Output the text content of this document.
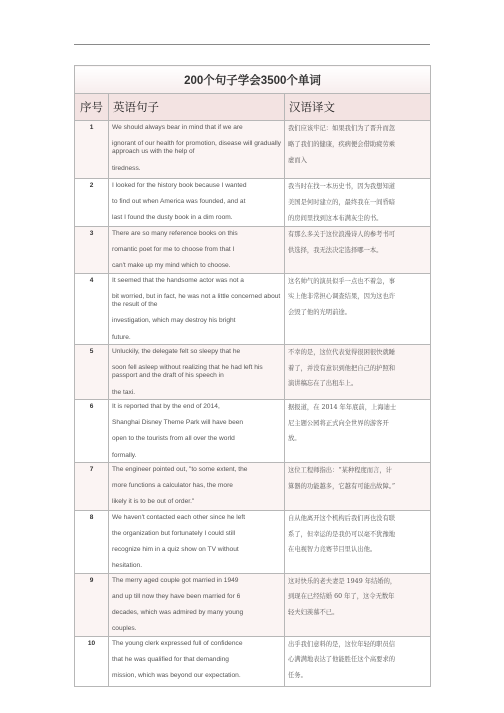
200个句子学会3500个单词		
序号	英语句子	汉语译文
1	We should always bear in mind that if we are
ignorant of our health for promotion, disease will gradually approach us with the help of
tiredness.	我们应该牢记：如果我们为了晋升而忽
略了我们的健康，疾病便会借助疲劳乘
虚而入

2	I looked for the history book because I wanted
to find out when America was founded, and at
last I found the dusty book in a dim room.	我当时在找一本历史书，因为我想知道
美国是何时建立的，最终我在一间昏暗
的房间里找到这本布满灰尘的书。

3	There are so many reference books on this
romantic poet for me to choose from that I
can't make up my mind which to choose.	有那么多关于这位浪漫诗人的参考书可
供选择，我无法决定选择哪一本。

4	It seemed that the handsome actor was not a
bit worried, but in fact, he was not a little concerned about the result of the
investigation, which may destroy his bright
future.	这名帅气的演员似乎一点也不着急，事
实上他非常担心调查结果，因为这也许
会毁了他的光明前途。

5	Unluckily, the delegate felt so sleepy that he
soon fell asleep without realizing that he had left his passport and the draft of his speech in
the taxi.	不幸的是，这位代表觉得很困很快就睡
着了，并没有意识到他把自己的护照和
演讲稿忘在了出租车上。

6	It is reported that by the end of 2014,
Shanghai Disney Theme Park will have been
open to the tourists from all over the world
formally.	据报道，在 2014 年年底前，上海迪士
尼主题公园将正式向全世界的游客开
放。

7	The engineer pointed out, "to some extent, the
more functions a calculator has, the more
likely it is to be out of order."	这位工程师指出：“某种程度而言，计
算器的功能越多，它越有可能出故障。”

8	We haven't contacted each other since he left
the organization but fortunately I could still
recognize him in a quiz show on TV without
hesitation.	自从他离开这个机构后我们再也没有联
系了，但幸运的是我仍可以毫不犹豫地
在电视智力竞赛节目里认出他。

9	The merry aged couple got married in 1949
and up till now they have been married for 6
decades, which was admired by many young
couples.	这对快乐的老夫妻是 1949 年结婚的，
到现在已经结婚 60 年了，这令无数年
轻夫妇羡慕不已。

10	The young clerk expressed full of confidence
that he was qualified for that demanding
mission, which was beyond our expectation.	出乎我们意料的是，这位年轻的职员信
心满满地表达了他能胜任这个高要求的
任务。
